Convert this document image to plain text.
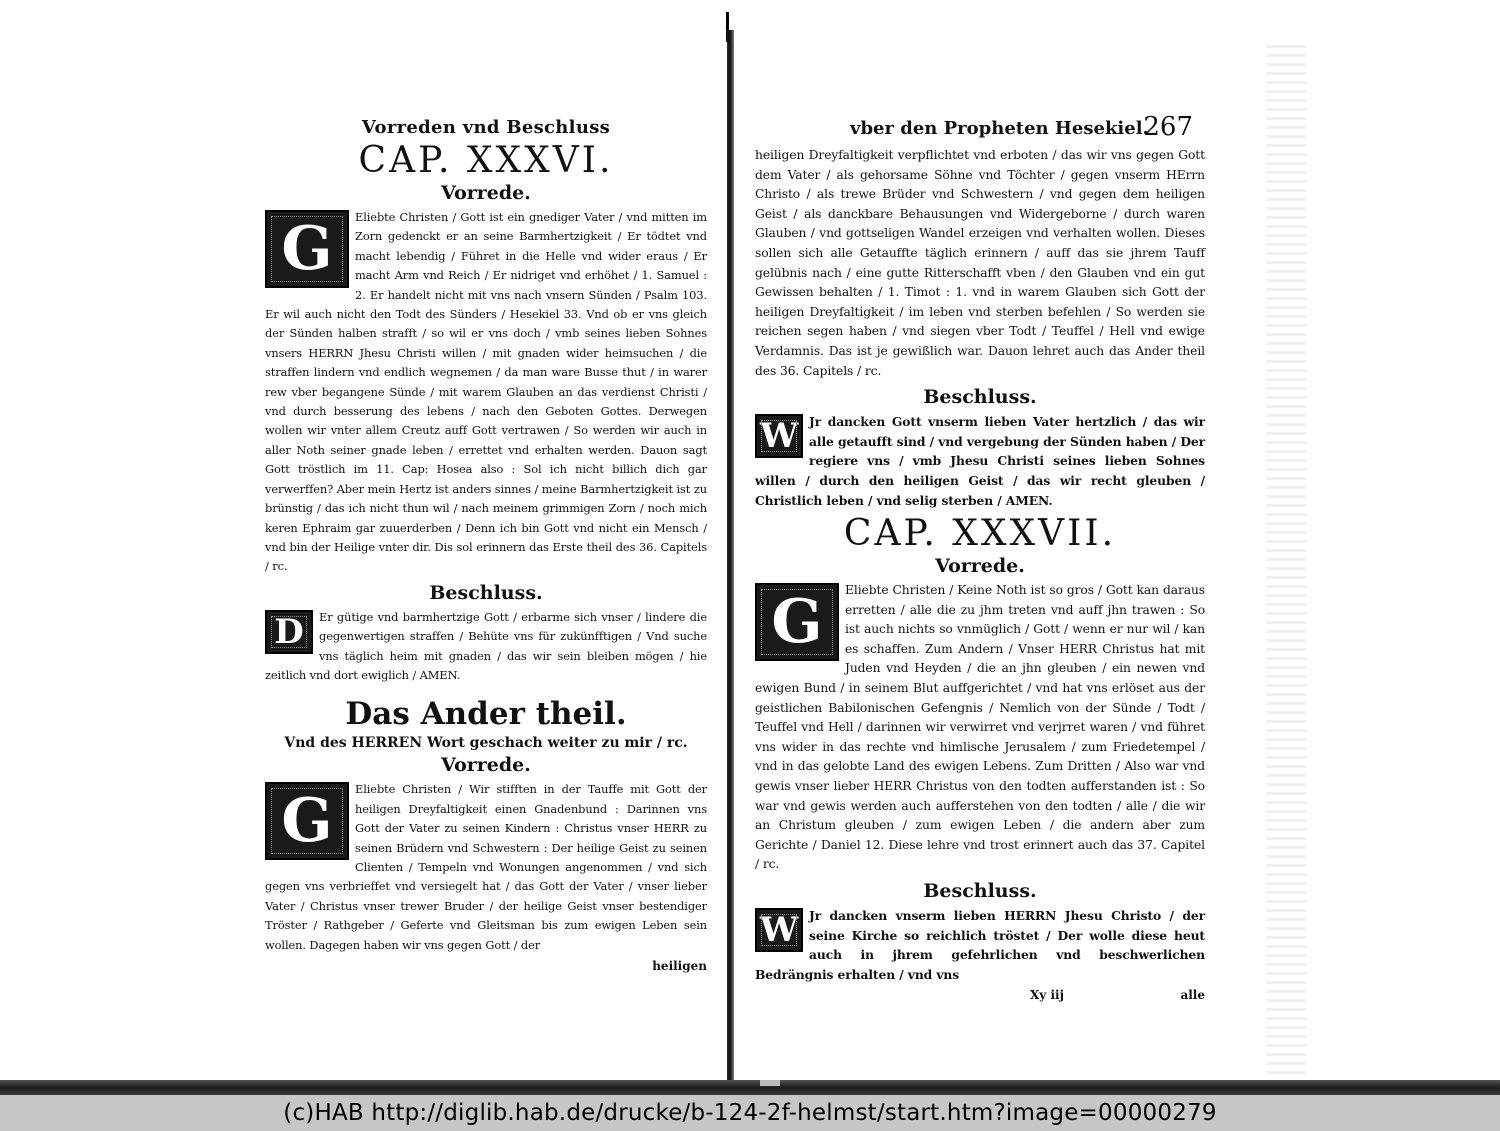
Vorreden vnd Beschluss
CAP. XXXVI.
Vorrede.
G	Eliebte Christen / Gott ist ein gnediger Vater / vnd mitten im Zorn gedenckt er an seine Barmhertzigkeit / Er tödtet vnd macht lebendig / Führet in die Helle vnd wider eraus / Er macht Arm vnd Reich / Er nidriget vnd erhöhet / 1. Samuel : 2. Er handelt nicht mit vns nach vnsern Sünden / Psalm 103. Er wil auch nicht den Todt des Sünders / Hesekiel 33. Vnd ob er vns gleich der Sünden halben strafft / so wil er vns doch / vmb seines lieben Sohnes vnsers HERRN Jhesu Christi willen / mit gnaden wider heimsuchen / die straffen lindern vnd endlich wegnemen / da man ware Busse thut / in warer rew vber begangene Sünde / mit warem Glauben an das verdienst Christi / vnd durch besserung des lebens / nach den Geboten Gottes. Derwegen wollen wir vnter allem Creutz auff Gott vertrawen / So werden wir auch in aller Noth seiner gnade leben / errettet vnd erhalten werden. Dauon sagt Gott tröstlich im 11. Cap: Hosea also : Sol ich nicht billich dich gar verwerffen? Aber mein Hertz ist anders sinnes / meine Barmhertzigkeit ist zu brünstig / das ich nicht thun wil / nach meinem grimmigen Zorn / noch mich keren Ephraim gar zuuerderben / Denn ich bin Gott vnd nicht ein Mensch / vnd bin der Heilige vnter dir. Dis sol erinnern das Erste theil des 36. Capitels / rc.
Beschluss.
D	Er gütige vnd barmhertzige Gott / erbarme sich vnser / lindere die gegenwertigen straffen / Behüte vns für zukünfftigen / Vnd suche vns täglich heim mit gnaden / das wir sein bleiben mögen / hie zeitlich vnd dort ewiglich / AMEN.
Das Ander theil.
Vnd des HERREN Wort geschach weiter zu mir / rc.
Vorrede.
G	Eliebte Christen / Wir stifften in der Tauffe mit Gott der heiligen Dreyfaltigkeit einen Gnadenbund : Darinnen vns Gott der Vater zu seinen Kindern : Christus vnser HERR zu seinen Brüdern vnd Schwestern : Der heilige Geist zu seinen Clienten / Tempeln vnd Wonungen angenommen / vnd sich gegen vns verbrieffet vnd versiegelt hat / das Gott der Vater / vnser lieber Vater / Christus vnser trewer Bruder / der heilige Geist vnser bestendiger Tröster / Rathgeber / Geferte vnd Gleitsman bis zum ewigen Leben sein wollen. Dagegen haben wir vns gegen Gott / der
heiligen
vber den Propheten Hesekiel.
267
heiligen Dreyfaltigkeit verpflichtet vnd erboten / das wir vns gegen Gott dem Vater / als gehorsame Söhne vnd Töchter / gegen vnserm HErrn Christo / als trewe Brüder vnd Schwestern / vnd gegen dem heiligen Geist / als danckbare Behausungen vnd Widergeborne / durch waren Glauben / vnd gottseligen Wandel erzeigen vnd verhalten wollen. Dieses sollen sich alle Getauffte täglich erinnern / auff das sie jhrem Tauff gelübnis nach / eine gutte Ritterschafft vben / den Glauben vnd ein gut Gewissen behalten / 1. Timot : 1. vnd in warem Glauben sich Gott der heiligen Dreyfaltigkeit / im leben vnd sterben befehlen / So werden sie reichen segen haben / vnd siegen vber Todt / Teuffel / Hell vnd ewige Verdamnis. Das ist je gewißlich war. Dauon lehret auch das Ander theil des 36. Capitels / rc.
Beschluss.
W Jr dancken Gott vnserm lieben Vater hertzlich / das wir alle getaufft sind / vnd vergebung der Sünden haben / Der regiere vns / vmb Jhesu Christi seines lieben Sohnes willen / durch den heiligen Geist / das wir recht gleuben / Christlich leben / vnd selig sterben / AMEN.
CAP. XXXVII.
Vorrede.
G	Eliebte Christen / Keine Noth ist so gros / Gott kan daraus erretten / alle die zu jhm treten vnd auff jhn trawen : So ist auch nichts so vnmüglich / Gott / wenn er nur wil / kan es schaffen. Zum Andern / Vnser HERR Christus hat mit Juden vnd Heyden / die an jhn gleuben / ein newen vnd ewigen Bund / in seinem Blut auffgerichtet / vnd hat vns erlöset aus der geistlichen Babilonischen Gefengnis / Nemlich von der Sünde / Todt / Teuffel vnd Hell / darinnen wir verwirret vnd verjrret waren / vnd führet vns wider in das rechte vnd himlische Jerusalem / zum Friedetempel / vnd in das gelobte Land des ewigen Lebens. Zum Dritten / Also war vnd gewis vnser lieber HERR Christus von den todten aufferstanden ist : So war vnd gewis werden auch aufferstehen von den todten / alle / die wir an Christum gleuben / zum ewigen Leben / die andern aber zum Gerichte / Daniel 12. Diese lehre vnd trost erinnert auch das 37. Capitel / rc.
Beschluss.
W Jr dancken vnserm lieben HERRN Jhesu Christo / der seine Kirche so reichlich tröstet / Der wolle diese heut auch in jhrem gefehrlichen vnd beschwerlichen Bedrängnis erhalten / vnd vns
Xy iij	alle
(c)HAB http://diglib.hab.de/drucke/b-124-2f-helmst/start.htm?image=00000279
